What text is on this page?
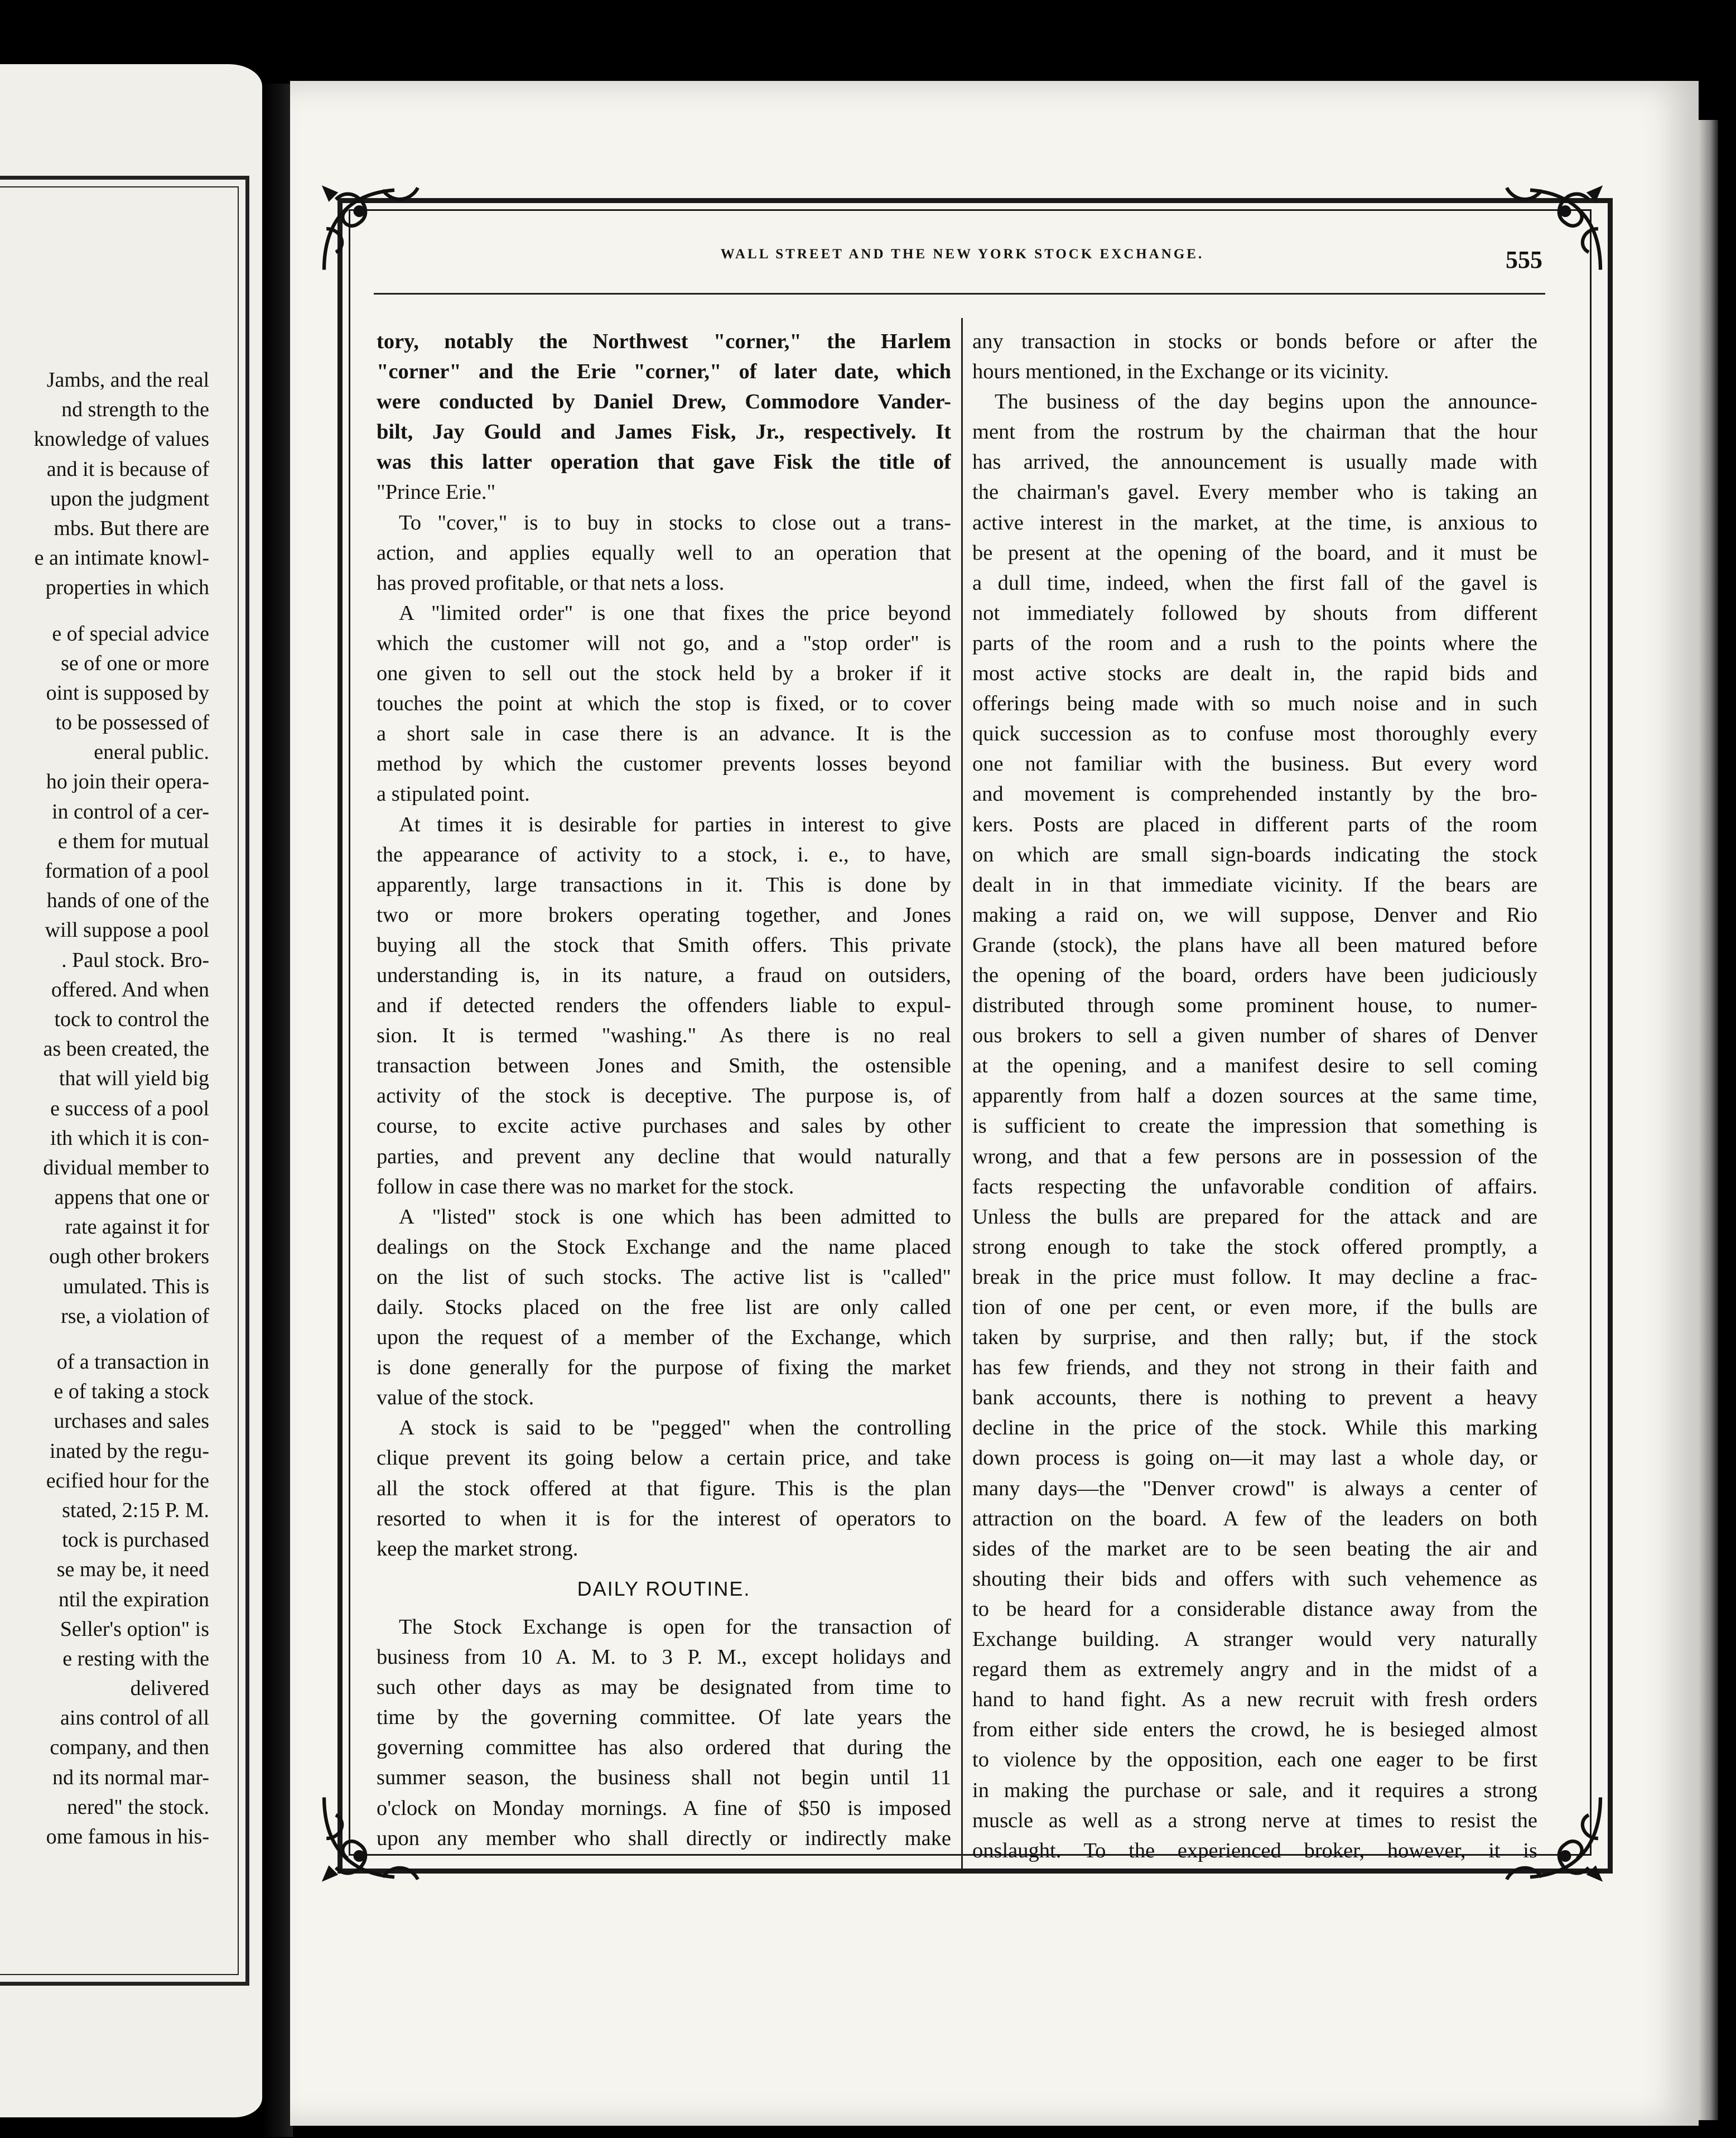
Jambs, and the real
nd strength to the
knowledge of values
and it is because of
upon the judgment
mbs. But there are
e an intimate knowl-
properties in which
e of special advice
se of one or more
oint is supposed by
to be possessed of
eneral public.
ho join their opera-
in control of a cer-
e them for mutual
formation of a pool
hands of one of the
will suppose a pool
. Paul stock. Bro-
offered. And when
tock to control the
as been created, the
that will yield big
e success of a pool
ith which it is con-
dividual member to
appens that one or
rate against it for
ough other brokers
umulated. This is
rse, a violation of
of a transaction in
e of taking a stock
urchases and sales
inated by the regu-
ecified hour for the
stated, 2:15 P. M.
tock is purchased
se may be, it need
ntil the expiration
Seller's option" is
e resting with the
delivered
ains control of all
company, and then
nd its normal mar-
nered" the stock.
ome famous in his-
WALL STREET AND THE NEW YORK STOCK EXCHANGE.	555
tory, notably the Northwest "corner," the Harlem
"corner" and the Erie "corner," of later date, which
were conducted by Daniel Drew, Commodore Vander-
bilt, Jay Gould and James Fisk, Jr., respectively. It
was this latter operation that gave Fisk the title of
"Prince Erie."
To "cover," is to buy in stocks to close out a trans-
action, and applies equally well to an operation that
has proved profitable, or that nets a loss.
A "limited order" is one that fixes the price beyond
which the customer will not go, and a "stop order" is
one given to sell out the stock held by a broker if it
touches the point at which the stop is fixed, or to cover
a short sale in case there is an advance. It is the
method by which the customer prevents losses beyond
a stipulated point.
At times it is desirable for parties in interest to give
the appearance of activity to a stock, i. e., to have,
apparently, large transactions in it. This is done by
two or more brokers operating together, and Jones
buying all the stock that Smith offers. This private
understanding is, in its nature, a fraud on outsiders,
and if detected renders the offenders liable to expul-
sion. It is termed "washing." As there is no real
transaction between Jones and Smith, the ostensible
activity of the stock is deceptive. The purpose is, of
course, to excite active purchases and sales by other
parties, and prevent any decline that would naturally
follow in case there was no market for the stock.
A "listed" stock is one which has been admitted to
dealings on the Stock Exchange and the name placed
on the list of such stocks. The active list is "called"
daily. Stocks placed on the free list are only called
upon the request of a member of the Exchange, which
is done generally for the purpose of fixing the market
value of the stock.
A stock is said to be "pegged" when the controlling
clique prevent its going below a certain price, and take
all the stock offered at that figure. This is the plan
resorted to when it is for the interest of operators to
keep the market strong.
DAILY ROUTINE.
The Stock Exchange is open for the transaction of
business from 10 A. M. to 3 P. M., except holidays and
such other days as may be designated from time to
time by the governing committee. Of late years the
governing committee has also ordered that during the
summer season, the business shall not begin until 11
o'clock on Monday mornings. A fine of $50 is imposed
upon any member who shall directly or indirectly make
any transaction in stocks or bonds before or after the
hours mentioned, in the Exchange or its vicinity.
The business of the day begins upon the announce-
ment from the rostrum by the chairman that the hour
has arrived, the announcement is usually made with
the chairman's gavel. Every member who is taking an
active interest in the market, at the time, is anxious to
be present at the opening of the board, and it must be
a dull time, indeed, when the first fall of the gavel is
not immediately followed by shouts from different
parts of the room and a rush to the points where the
most active stocks are dealt in, the rapid bids and
offerings being made with so much noise and in such
quick succession as to confuse most thoroughly every
one not familiar with the business. But every word
and movement is comprehended instantly by the bro-
kers. Posts are placed in different parts of the room
on which are small sign-boards indicating the stock
dealt in in that immediate vicinity. If the bears are
making a raid on, we will suppose, Denver and Rio
Grande (stock), the plans have all been matured before
the opening of the board, orders have been judiciously
distributed through some prominent house, to numer-
ous brokers to sell a given number of shares of Denver
at the opening, and a manifest desire to sell coming
apparently from half a dozen sources at the same time,
is sufficient to create the impression that something is
wrong, and that a few persons are in possession of the
facts respecting the unfavorable condition of affairs.
Unless the bulls are prepared for the attack and are
strong enough to take the stock offered promptly, a
break in the price must follow. It may decline a frac-
tion of one per cent, or even more, if the bulls are
taken by surprise, and then rally; but, if the stock
has few friends, and they not strong in their faith and
bank accounts, there is nothing to prevent a heavy
decline in the price of the stock. While this marking
down process is going on—it may last a whole day, or
many days—the "Denver crowd" is always a center of
attraction on the board. A few of the leaders on both
sides of the market are to be seen beating the air and
shouting their bids and offers with such vehemence as
to be heard for a considerable distance away from the
Exchange building. A stranger would very naturally
regard them as extremely angry and in the midst of a
hand to hand fight. As a new recruit with fresh orders
from either side enters the crowd, he is besieged almost
to violence by the opposition, each one eager to be first
in making the purchase or sale, and it requires a strong
muscle as well as a strong nerve at times to resist the
onslaught. To the experienced broker, however, it is
